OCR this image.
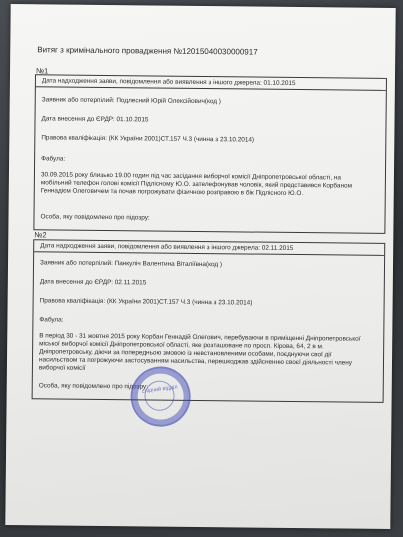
Витяг з кримінального провадження №12015040030000917
№1
Дата надходження заяви, повідомлення або виявлення з іншого джерела: 01.10.2015
Заявник або потерпілий: Подлесний Юрій Олексійович(код )
Дата внесення до ЄРДР: 01.10.2015
Правова кваліфікація: (КК України 2001)СТ.157 Ч.3 (чинна з 23.10.2014)
Фабула:
30.09.2015 року близько 19.00 годин під час засідання виборчої комісії Дніпропетровської області, на мобільний телефон голові комісії Підлісному Ю.О. зателефонував чоловік, який представився Корбаном Геннадієм Олеговичем та почав погрожувати фізичною розправою в бік Підлісного Ю.О.
Особа, яку повідомлено про підозру:
№2
Дата надходження заяви, повідомлення або виявлення з іншого джерела: 02.11.2015
Заявник або потерпілий: Панкуліч Валентина Віталіївна(код )
Дата внесення до ЄРДР: 02.11.2015
Правова кваліфікація: (КК України 2001)СТ.157 Ч.3 (чинна з 23.10.2014)
Фабула:
В період 30 - 31 жовтня 2015 року Корбан Геннадій Олегович, перебуваючи в приміщенні Дніпропетровської міської виборчої комісії Дніпропетровської області, яке розташоване по просп. Кірова, 64, 2 в м. Дніпропетровську, діючи за попередньою змовою із невстановленими особами, поєднуючи свої дії насильством та погрожуючи застосуванням насильства, перешкоджав здійсненню своєї діяльності члену виборчої комісії
Особа, яку повідомлено про підозру:
слідчий відділ
